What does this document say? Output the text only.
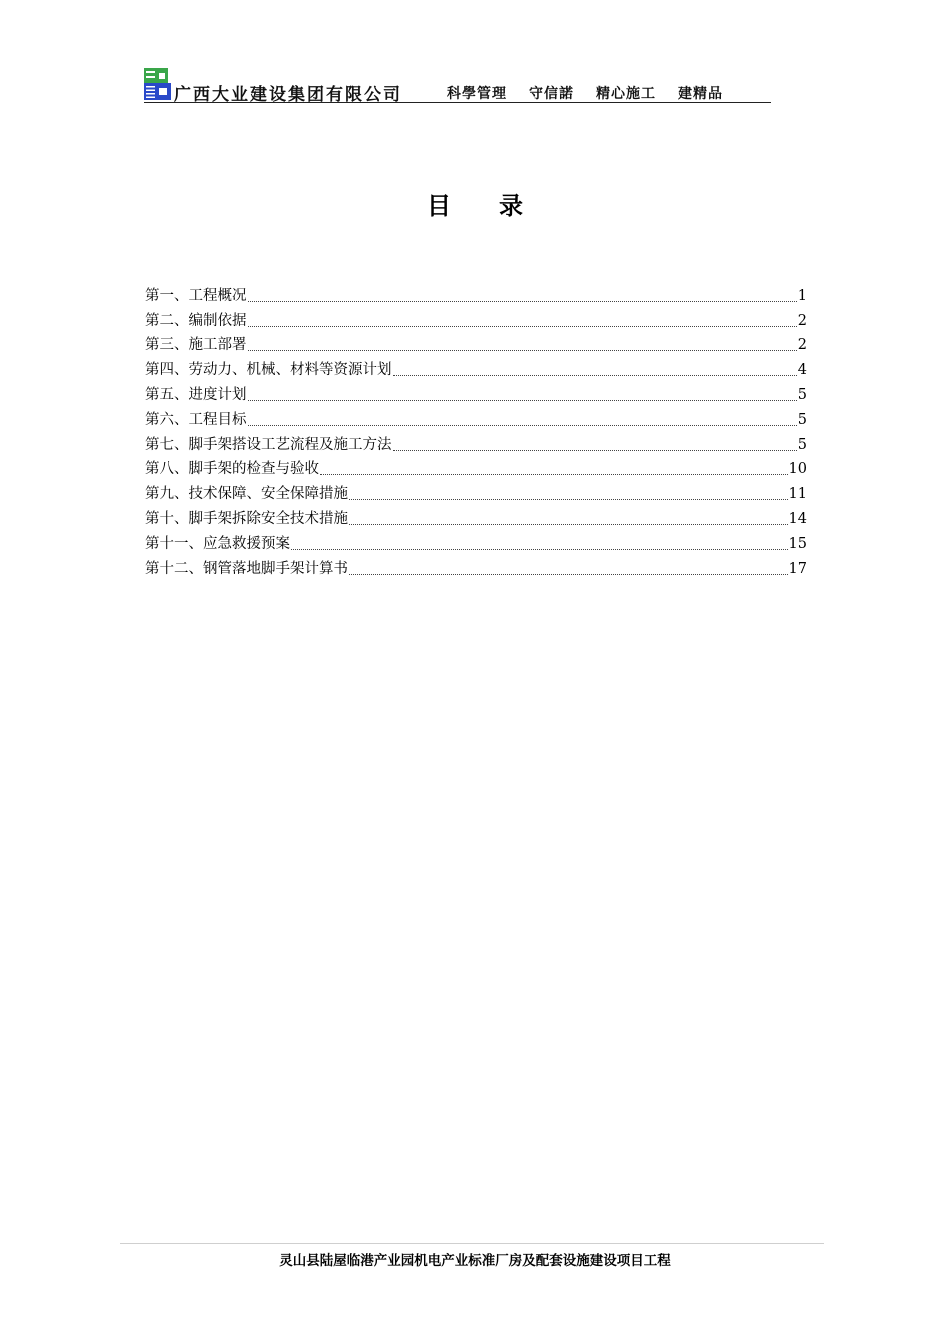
广西大业建设集团有限公司	科學管理 守信諾 精心施工 建精品
目录
第一、工程概况	1
第二、编制依据	2
第三、施工部署	2
第四、劳动力、机械、材料等资源计划	4
第五、进度计划	5
第六、工程目标	5
第七、脚手架搭设工艺流程及施工方法	5
第八、脚手架的检查与验收	10
第九、技术保障、安全保障措施	11
第十、脚手架拆除安全技术措施	14
第十一、应急救援预案	15
第十二、钢管落地脚手架计算书	17
灵山县陆屋临港产业园机电产业标准厂房及配套设施建设项目工程
